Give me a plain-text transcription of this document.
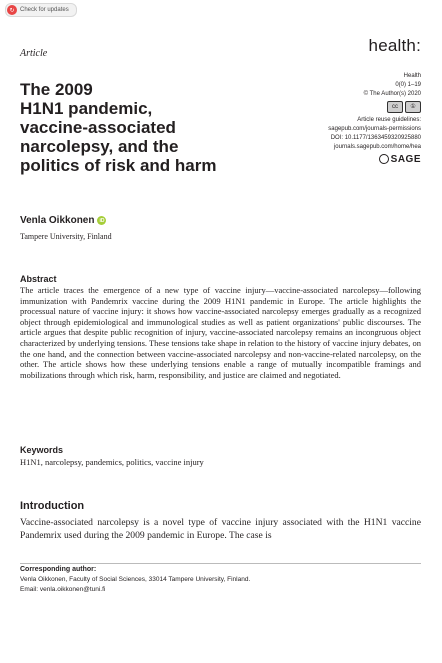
↻ Check for updates
Article	health:
Health
0(0) 1–19
© The Author(s) 2020
cc	①
Article reuse guidelines:
sagepub.com/journals-permissions
DOI: 10.1177/1363459320925880
journals.sagepub.com/home/hea
SAGE
The 2009
H1N1 pandemic,
vaccine-associated
narcolepsy, and the
politics of risk and harm
Venla Oikkonen	iD
Tampere University, Finland
Abstract

The article traces the emergence of a new type of vaccine injury—vaccine-associated narcolepsy—following immunization with Pandemrix vaccine during the 2009 H1N1 pandemic in Europe. The article highlights the processual nature of vaccine injury: it shows how vaccine-associated narcolepsy emerges gradually as a recognized object through epidemiological and immunological studies as well as patient organizations' public discourses. The article argues that despite public recognition of injury, vaccine-associated narcolepsy remains an incongruous object characterized by underlying tensions. These tensions take shape in relation to the history of vaccine injury debates, on the one hand, and the connection between vaccine-associated narcolepsy and non-vaccine-related narcolepsy, on the other. The article shows how these underlying tensions enable a range of mutually incompatible framings and mobilizations through which risk, harm, responsibility, and justice are claimed and negotiated.

Keywords
H1N1, narcolepsy, pandemics, politics, vaccine injury
Introduction

Vaccine-associated narcolepsy is a novel type of vaccine injury associated with the H1N1 vaccine Pandemrix used during the 2009 pandemic in Europe. The case is

Corresponding author:
Venla Oikkonen, Faculty of Social Sciences, 33014 Tampere University, Finland.
Email: venla.oikkonen@tuni.fi
